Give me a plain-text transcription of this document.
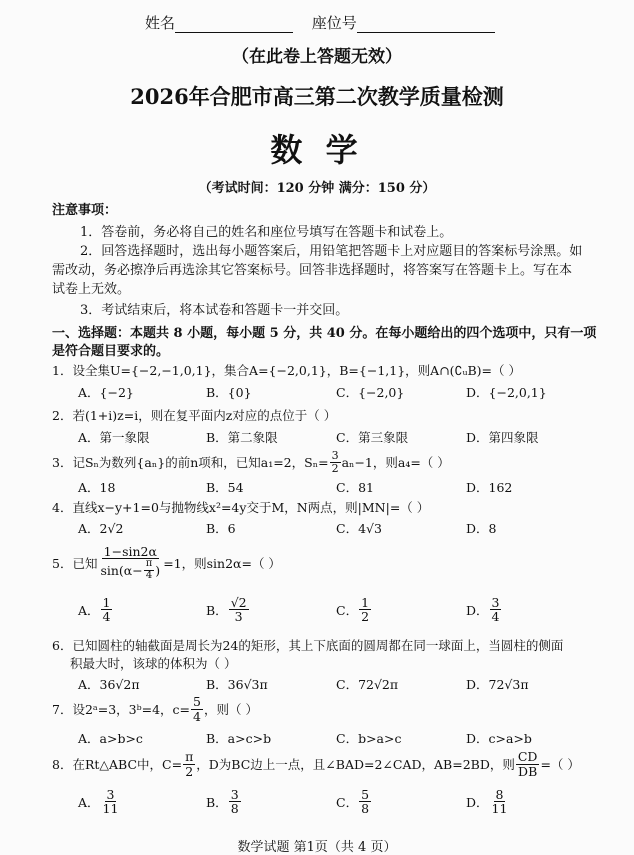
姓名	座位号
（在此卷上答题无效）
2026年合肥市高三第二次教学质量检测
数 学
（考试时间：120 分钟 满分：150 分）
注意事项：
1．答卷前，务必将自己的姓名和座位号填写在答题卡和试卷上。
2．回答选择题时，选出每小题答案后，用铅笔把答题卡上对应题目的答案标号涂黑。如
需改动，务必擦净后再选涂其它答案标号。回答非选择题时，将答案写在答题卡上。写在本
试卷上无效。
3．考试结束后，将本试卷和答题卡一并交回。
一、选择题：本题共 8 小题，每小题 5 分，共 40 分。在每小题给出的四个选项中，只有一项
是符合题目要求的。
1．设全集U={−2,−1,0,1}，集合A={−2,0,1}，B={−1,1}，则A∩(∁ᵤB)=（ ）
A．{−2}	B．{0}	C．{−2,0}	D．{−2,0,1}
2．若(1+i)z=i，则在复平面内z对应的点位于（ ）
A．第一象限	B．第二象限	C．第三象限	D．第四象限
3．记Sₙ为数列{aₙ}的前n项和，已知a₁=2，$S_n= \frac{3}{2} a_n-1$，则a₄=（ ）
A．18	B．54	C．81	D．162
4．直线x−y+1=0与抛物线x²=4y交于M，N两点，则|MN|=（ ）
A．2√2	B．6	C．4√3	D．8
5．已知 $\frac{1-\sin 2\alpha}{\sin(\alpha- \frac{\pi}{4} )} =1$，则sin2α=（ ）
A． $\frac{1}{4}$	B． $\frac{√2}{3}$	C． $\frac{1}{2}$	D． $\frac{3}{4}$
6．已知圆柱的轴截面是周长为24的矩形，其上下底面的圆周都在同一球面上，当圆柱的侧面
积最大时，该球的体积为（ ）
A．36√2π	B．36√3π	C．72√2π	D．72√3π
7．设2ᵃ=3，3ᵇ=4，$c= \frac{5}{4}$ ，则（ ）
A．a>b>c	B．a>c>b	C．b>a>c	D．c>a>b
8．在Rt△ABC中，$C= \frac{\pi}{2}$ ，D为BC边上一点，且∠BAD=2∠CAD，AB=2BD，则 $\frac{CD}{DB}$ =（ ）
A． $\frac{3}{11}$	B． $\frac{3}{8}$	C． $\frac{5}{8}$	D． $\frac{8}{11}$
数学试题 第1页（共 4 页）
